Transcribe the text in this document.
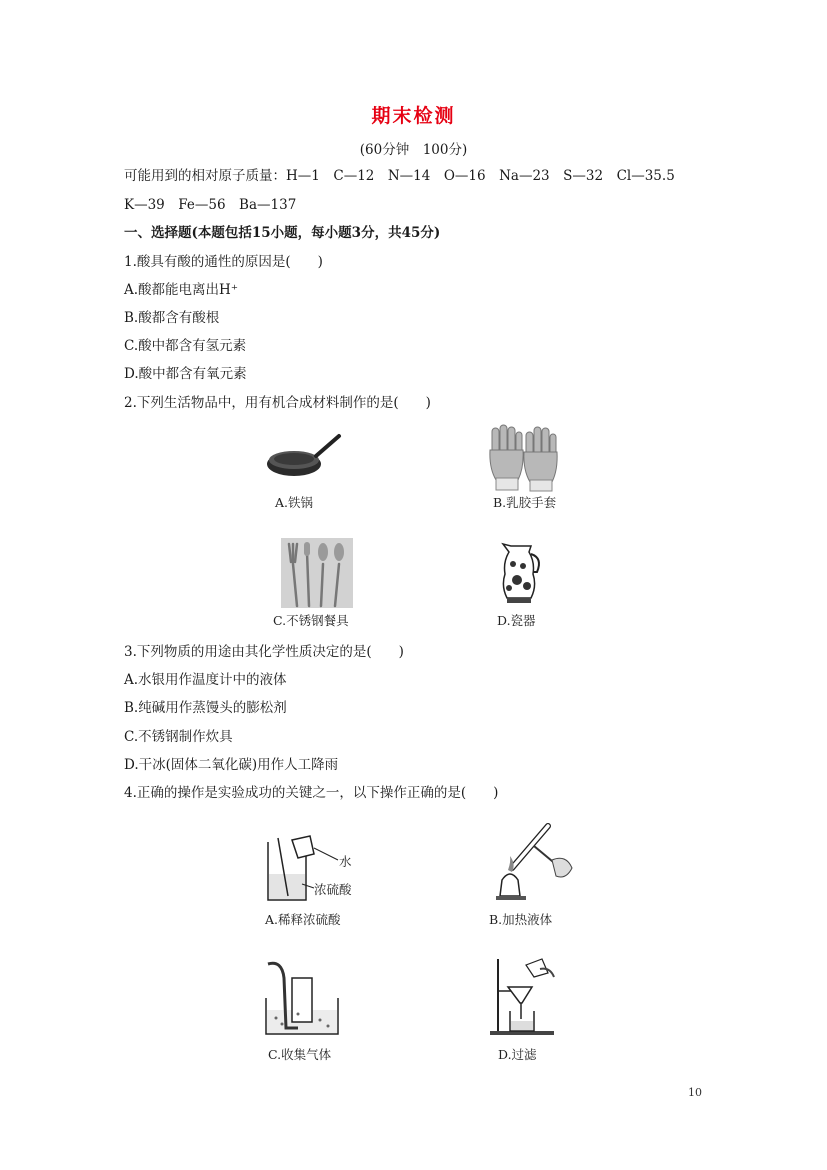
期末检测
(60分钟　100分)
可能用到的相对原子质量：H—1　C—12　N—14　O—16　Na—23　S—32　Cl—35.5
K—39　Fe—56　Ba—137
一、选择题(本题包括15小题，每小题3分，共45分)
1.酸具有酸的通性的原因是(　　)
A.酸都能电离出H⁺
B.酸都含有酸根
C.酸中都含有氢元素
D.酸中都含有氧元素
2.下列生活物品中，用有机合成材料制作的是(　　)
A.铁锅	B.乳胶手套
C.不锈钢餐具	D.瓷器
3.下列物质的用途由其化学性质决定的是(　　)
A.水银用作温度计中的液体
B.纯碱用作蒸馒头的膨松剂
C.不锈钢制作炊具
D.干冰(固体二氧化碳)用作人工降雨
4.正确的操作是实验成功的关键之一，以下操作正确的是(　　)
水
浓硫酸
A.稀释浓硫酸	B.加热液体
C.收集气体	D.过滤
10
